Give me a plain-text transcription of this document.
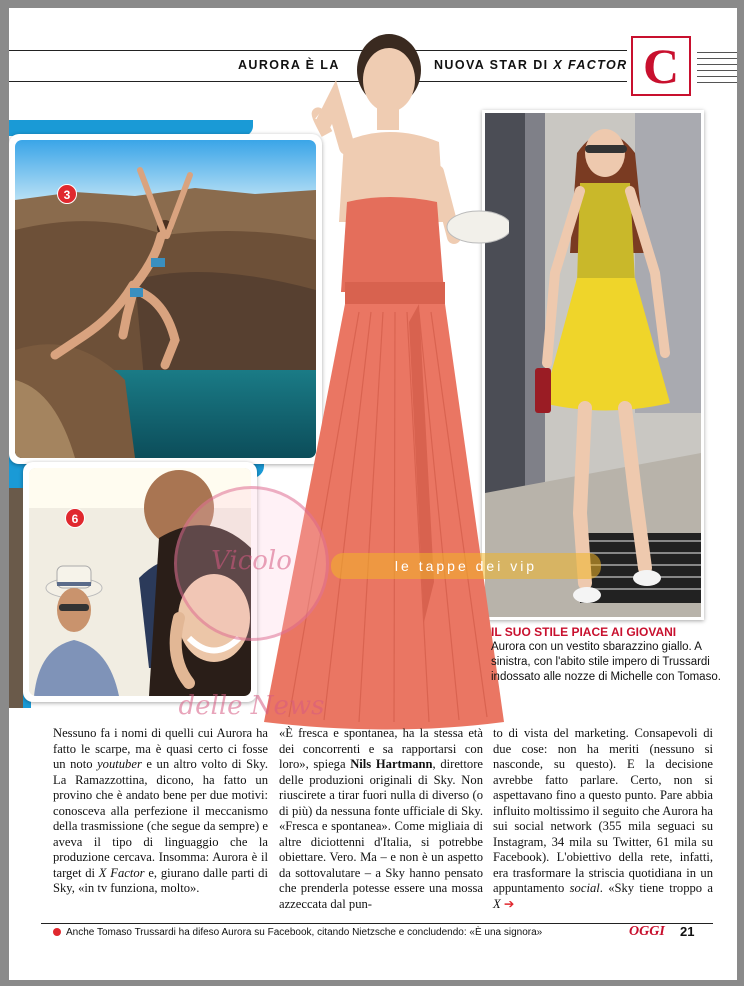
AURORA È LA	NUOVA STAR DI X FACTOR C
3
6
Vicolo delle News
le tappe dei vip
IL SUO STILE PIACE AI GIOVANI
Aurora con un vestito sbarazzino giallo. A sinistra, con l'abito stile impero di Trussardi indossato alle nozze di Michelle con Tomaso.

Nessuno fa i nomi di quelli cui Aurora ha fatto le scarpe, ma è quasi certo ci fosse un noto youtuber e un altro volto di Sky. La Ramazzottina, dicono, ha fatto un provino che è andato bene per due motivi: conosceva alla perfezione il meccanismo della trasmissione (che segue da sempre) e aveva il tipo di linguaggio che la produzione cercava. Insomma: Aurora è il target di X Factor e, giurano dalle parti di Sky, «in tv funziona, molto».

«È fresca e spontanea, ha la stessa età dei concorrenti e sa rapportarsi con loro», spiega Nils Hartmann, direttore delle produzioni originali di Sky. Non riuscirete a tirar fuori nulla di diverso (o di più) da nessuna fonte ufficiale di Sky. «Fresca e spontanea». Come migliaia di altre diciottenni d'Italia, si potrebbe obiettare. Vero. Ma – e non è un aspetto da sottovalutare – a Sky hanno pensato che prenderla potesse essere una mossa azzeccata dal pun-

to di vista del marketing. Consapevoli di due cose: non ha meriti (nessuno si nasconde, su questo). E la decisione avrebbe fatto parlare. Certo, non si aspettavano fino a questo punto. Pare abbia influito moltissimo il seguito che Aurora ha sui social network (355 mila seguaci su Instagram, 34 mila su Twitter, 61 mila su Facebook). L'obiettivo della rete, infatti, era trasformare la striscia quotidiana in un appuntamento social. «Sky tiene troppo a X ➔

Anche Tomaso Trussardi ha difeso Aurora su Facebook, citando Nietzsche e concludendo: «È una signora»	OGGI 21
